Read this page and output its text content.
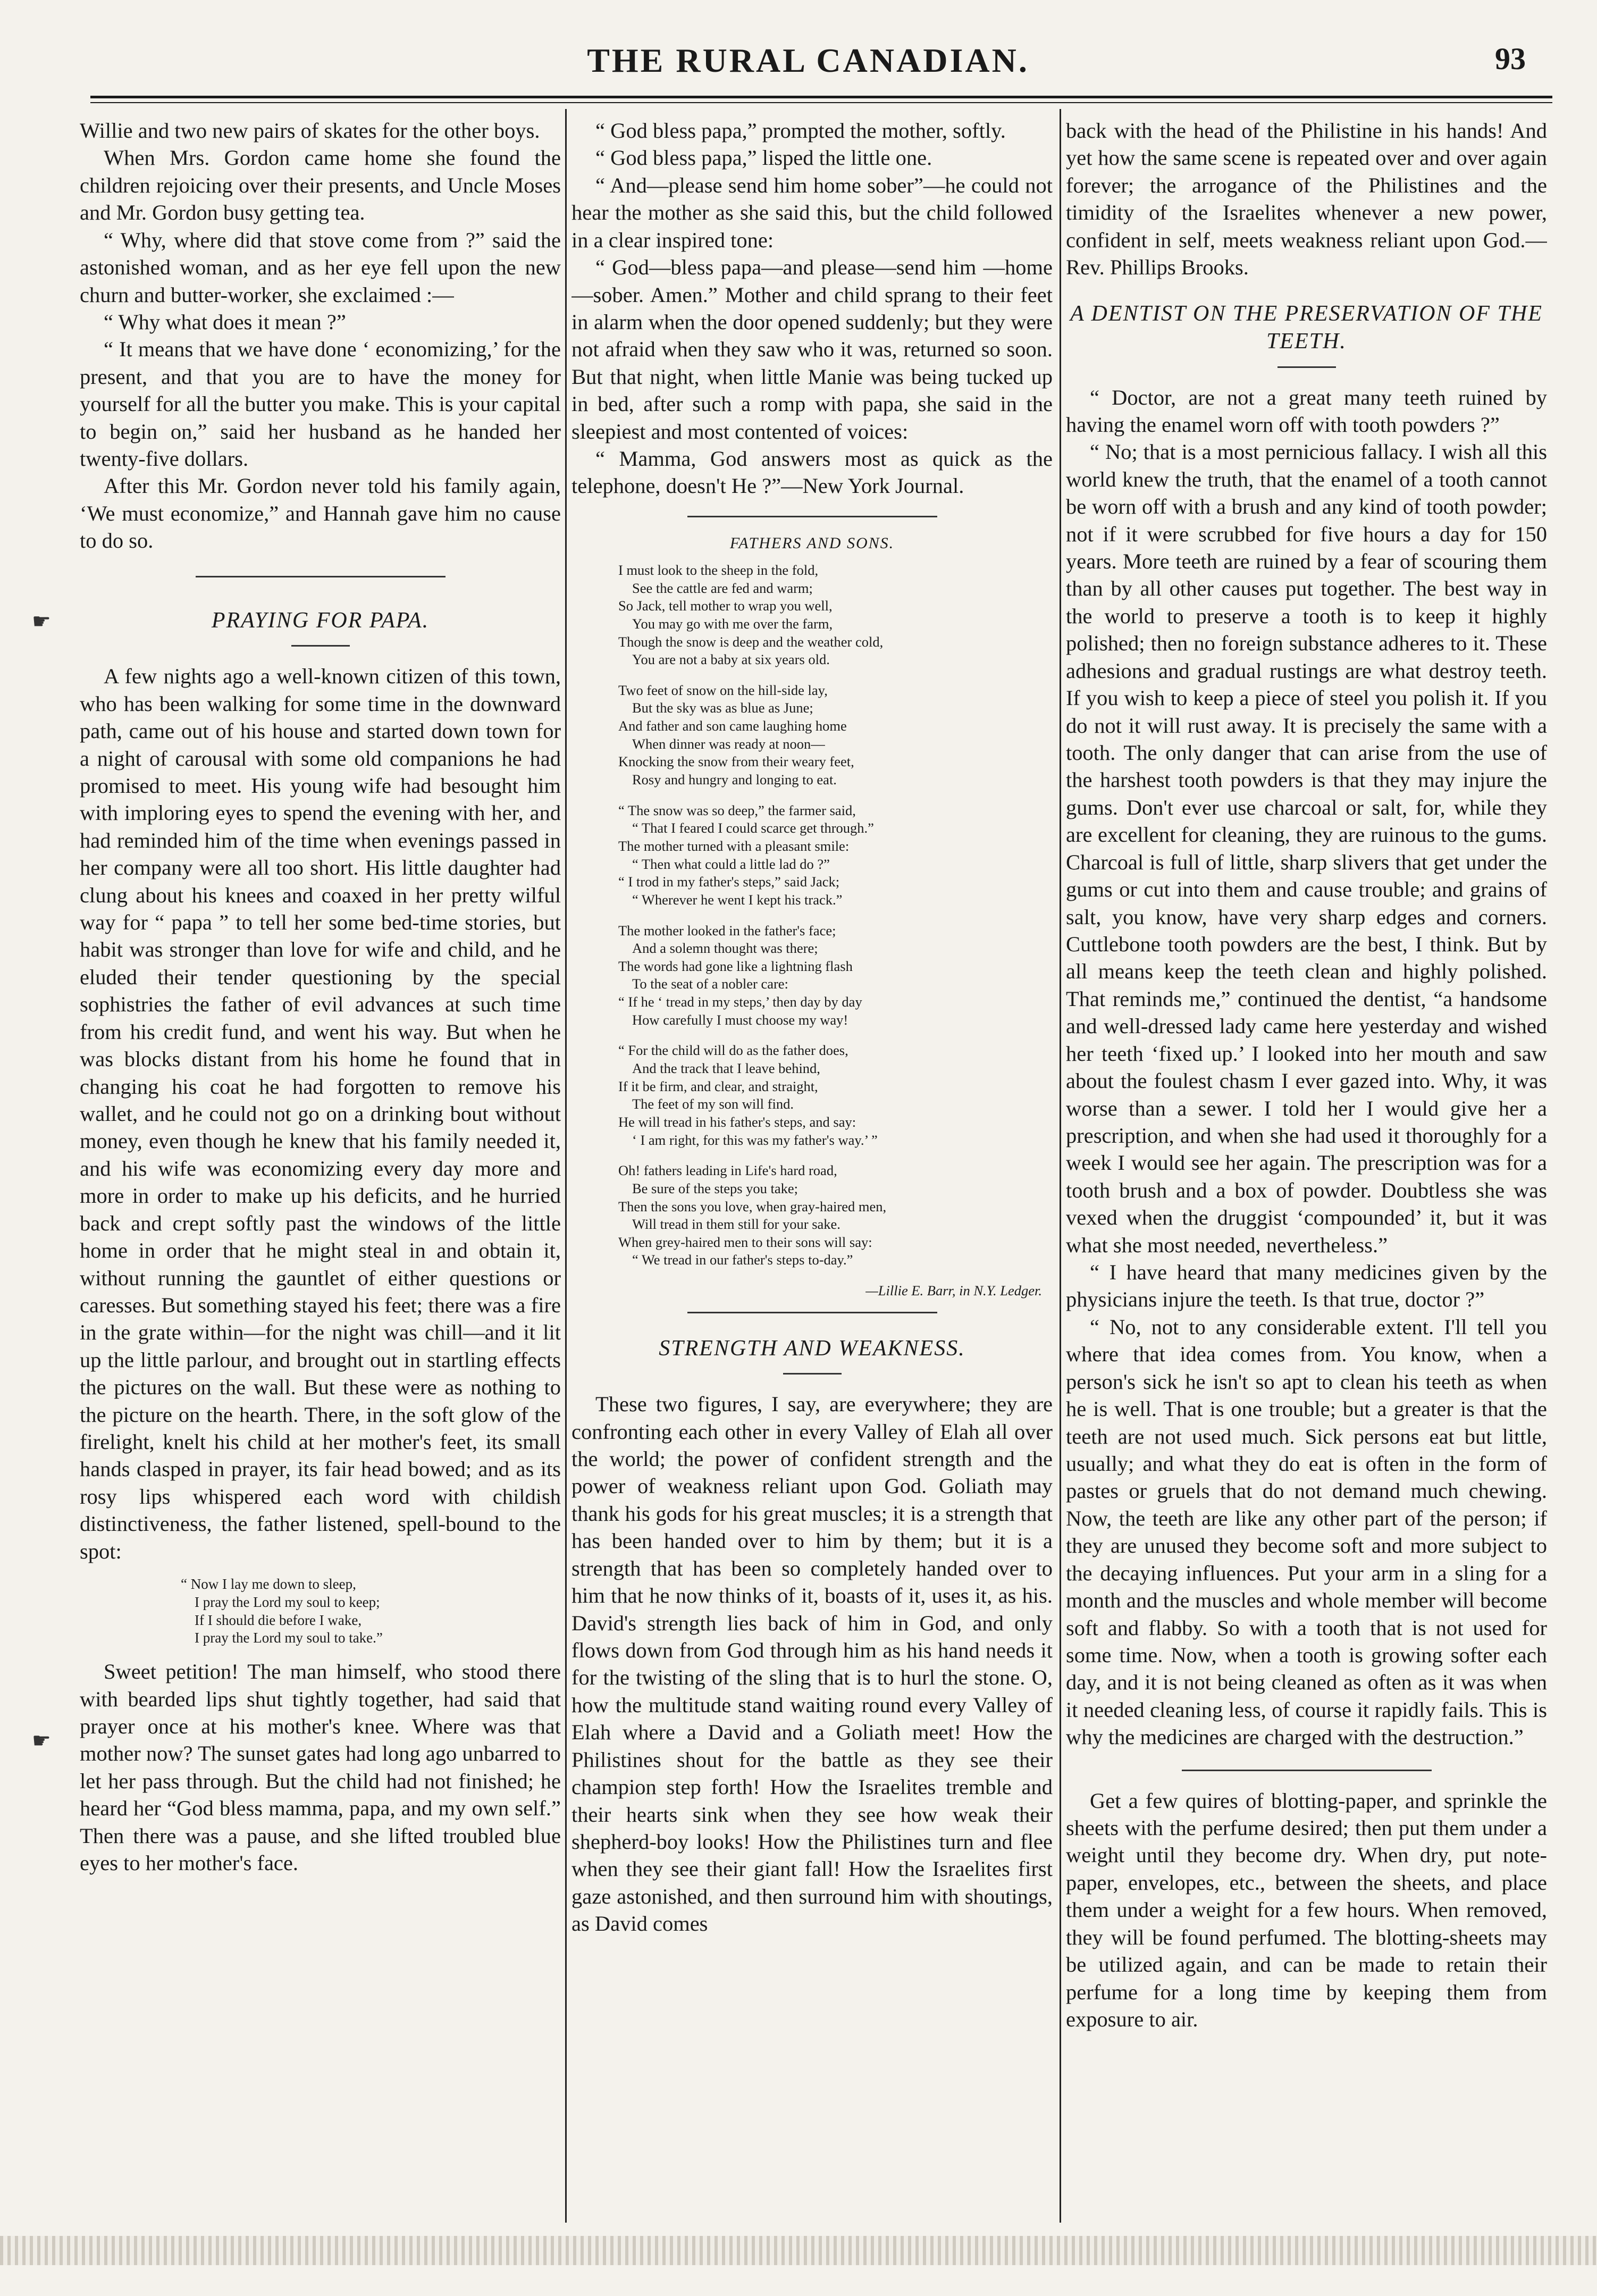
THE RURAL CANADIAN.	93
☛
☛

Willie and two new pairs of skates for the other boys.

When Mrs. Gordon came home she found the children rejoicing over their presents, and Uncle Moses and Mr. Gordon busy getting tea.

“ Why, where did that stove come from ?” said the astonished woman, and as her eye fell upon the new churn and butter-worker, she exclaimed :—

“ Why what does it mean ?”

“ It means that we have done ‘ economizing,’ for the present, and that you are to have the money for yourself for all the butter you make. This is your capital to begin on,” said her husband as he handed her twenty-five dollars.

After this Mr. Gordon never told his family again, ‘We must economize,” and Hannah gave him no cause to do so.

PRAYING FOR PAPA.

A few nights ago a well-known citizen of this town, who has been walking for some time in the downward path, came out of his house and started down town for a night of carousal with some old companions he had promised to meet. His young wife had besought him with imploring eyes to spend the evening with her, and had reminded him of the time when evenings passed in her company were all too short. His little daughter had clung about his knees and coaxed in her pretty wilful way for “ papa ” to tell her some bed-time stories, but habit was stronger than love for wife and child, and he eluded their tender questioning by the special sophistries the father of evil advances at such time from his credit fund, and went his way. But when he was blocks distant from his home he found that in changing his coat he had forgotten to remove his wallet, and he could not go on a drinking bout without money, even though he knew that his family needed it, and his wife was economizing every day more and more in order to make up his deficits, and he hurried back and crept softly past the windows of the little home in order that he might steal in and obtain it, without running the gauntlet of either questions or caresses. But something stayed his feet; there was a fire in the grate within—for the night was chill—and it lit up the little parlour, and brought out in startling effects the pictures on the wall. But these were as nothing to the picture on the hearth. There, in the soft glow of the firelight, knelt his child at her mother's feet, its small hands clasped in prayer, its fair head bowed; and as its rosy lips whispered each word with childish distinctiveness, the father listened, spell-bound to the spot:

“ Now I lay me down to sleep,
I pray the Lord my soul to keep;
If I should die before I wake,
I pray the Lord my soul to take.”

Sweet petition! The man himself, who stood there with bearded lips shut tightly together, had said that prayer once at his mother's knee. Where was that mother now? The sunset gates had long ago unbarred to let her pass through. But the child had not finished; he heard her “God bless mamma, papa, and my own self.” Then there was a pause, and she lifted troubled blue eyes to her mother's face.

“ God bless papa,” prompted the mother, softly.

“ God bless papa,” lisped the little one.

“ And—please send him home sober”—he could not hear the mother as she said this, but the child followed in a clear inspired tone:

“ God—bless papa—and please—send him —home—sober. Amen.” Mother and child sprang to their feet in alarm when the door opened suddenly; but they were not afraid when they saw who it was, returned so soon. But that night, when little Manie was being tucked up in bed, after such a romp with papa, she said in the sleepiest and most contented of voices:

“ Mamma, God answers most as quick as the telephone, doesn't He ?”—New York Journal.

FATHERS AND SONS.
I must look to the sheep in the fold,
See the cattle are fed and warm;
So Jack, tell mother to wrap you well,
You may go with me over the farm,
Though the snow is deep and the weather cold,
You are not a baby at six years old.
Two feet of snow on the hill-side lay,
But the sky was as blue as June;
And father and son came laughing home
When dinner was ready at noon—
Knocking the snow from their weary feet,
Rosy and hungry and longing to eat.
“ The snow was so deep,” the farmer said,
“ That I feared I could scarce get through.”
The mother turned with a pleasant smile:
“ Then what could a little lad do ?”
“ I trod in my father's steps,” said Jack;
“ Wherever he went I kept his track.”
The mother looked in the father's face;
And a solemn thought was there;
The words had gone like a lightning flash
To the seat of a nobler care:
“ If he ‘ tread in my steps,’ then day by day
How carefully I must choose my way!
“ For the child will do as the father does,
And the track that I leave behind,
If it be firm, and clear, and straight,
The feet of my son will find.
He will tread in his father's steps, and say:
‘ I am right, for this was my father's way.’ ”
Oh! fathers leading in Life's hard road,
Be sure of the steps you take;
Then the sons you love, when gray-haired men,
Will tread in them still for your sake.
When grey-haired men to their sons will say:
“ We tread in our father's steps to-day.”
—Lillie E. Barr, in N.Y. Ledger.
STRENGTH AND WEAKNESS.

These two figures, I say, are everywhere; they are confronting each other in every Valley of Elah all over the world; the power of confident strength and the power of weakness reliant upon God. Goliath may thank his gods for his great muscles; it is a strength that has been handed over to him by them; but it is a strength that has been so completely handed over to him that he now thinks of it, boasts of it, uses it, as his. David's strength lies back of him in God, and only flows down from God through him as his hand needs it for the twisting of the sling that is to hurl the stone. O, how the multitude stand waiting round every Valley of Elah where a David and a Goliath meet! How the Philistines shout for the battle as they see their champion step forth! How the Israelites tremble and their hearts sink when they see how weak their shepherd-boy looks! How the Philistines turn and flee when they see their giant fall! How the Israelites first gaze astonished, and then surround him with shoutings, as David comes

back with the head of the Philistine in his hands! And yet how the same scene is repeated over and over again forever; the arrogance of the Philistines and the timidity of the Israelites whenever a new power, confident in self, meets weakness reliant upon God.—Rev. Phillips Brooks.

A DENTIST ON THE PRESERVATION OF THE TEETH.

“ Doctor, are not a great many teeth ruined by having the enamel worn off with tooth powders ?”

“ No; that is a most pernicious fallacy. I wish all this world knew the truth, that the enamel of a tooth cannot be worn off with a brush and any kind of tooth powder; not if it were scrubbed for five hours a day for 150 years. More teeth are ruined by a fear of scouring them than by all other causes put together. The best way in the world to preserve a tooth is to keep it highly polished; then no foreign substance adheres to it. These adhesions and gradual rustings are what destroy teeth. If you wish to keep a piece of steel you polish it. If you do not it will rust away. It is precisely the same with a tooth. The only danger that can arise from the use of the harshest tooth powders is that they may injure the gums. Don't ever use charcoal or salt, for, while they are excellent for cleaning, they are ruinous to the gums. Charcoal is full of little, sharp slivers that get under the gums or cut into them and cause trouble; and grains of salt, you know, have very sharp edges and corners. Cuttlebone tooth powders are the best, I think. But by all means keep the teeth clean and highly polished. That reminds me,” continued the dentist, “a handsome and well-dressed lady came here yesterday and wished her teeth ‘fixed up.’ I looked into her mouth and saw about the foulest chasm I ever gazed into. Why, it was worse than a sewer. I told her I would give her a prescription, and when she had used it thoroughly for a week I would see her again. The prescription was for a tooth brush and a box of powder. Doubtless she was vexed when the druggist ‘compounded’ it, but it was what she most needed, nevertheless.”

“ I have heard that many medicines given by the physicians injure the teeth. Is that true, doctor ?”

“ No, not to any considerable extent. I'll tell you where that idea comes from. You know, when a person's sick he isn't so apt to clean his teeth as when he is well. That is one trouble; but a greater is that the teeth are not used much. Sick persons eat but little, usually; and what they do eat is often in the form of pastes or gruels that do not demand much chewing. Now, the teeth are like any other part of the person; if they are unused they become soft and more subject to the decaying influences. Put your arm in a sling for a month and the muscles and whole member will become soft and flabby. So with a tooth that is not used for some time. Now, when a tooth is growing softer each day, and it is not being cleaned as often as it was when it needed cleaning less, of course it rapidly fails. This is why the medicines are charged with the destruction.”

Get a few quires of blotting-paper, and sprinkle the sheets with the perfume desired; then put them under a weight until they become dry. When dry, put note-paper, envelopes, etc., between the sheets, and place them under a weight for a few hours. When removed, they will be found perfumed. The blotting-sheets may be utilized again, and can be made to retain their perfume for a long time by keeping them from exposure to air.
